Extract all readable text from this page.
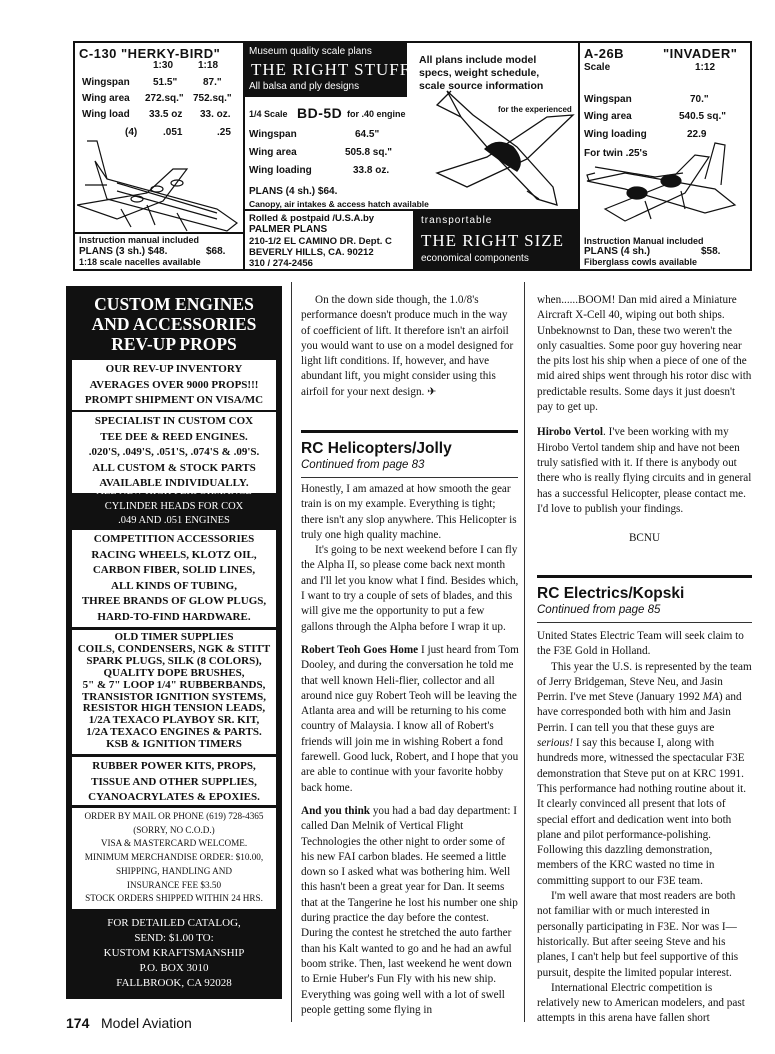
C-130 "HERKY-BIRD"
1:30 1:18
Wingspan 51.5"	87."
Wing area 272.sq." 752.sq."
Wing load 33.5 oz 33. oz.
(4)	.051	.25
Instruction manual included
PLANS (3 sh.) $48.	$68.
1:18 scale nacelles available
Museum quality scale plans
THE RIGHT STUFF
All balsa and ply designs
All plans include model
specs, weight schedule,
scale source information
1/4 Scale BD-5D for .40 engine	for the experienced
Wingspan	64.5"
Wing area	505.8 sq."
Wing loading	33.8 oz.
PLANS (4 sh.) $64.
Canopy, air intakes & access hatch available
Rolled & postpaid /U.S.A.by
PALMER PLANS
210-1/2 EL CAMINO DR. Dept. C
BEVERLY HILLS, CA. 90212
310 / 274-2456
transportable
THE RIGHT SIZE
economical components
A-26B	"INVADER"
Scale	1:12
Wingspan	70."
Wing area	540.5 sq."
Wing loading	22.9
For twin .25's
Instruction Manual included
PLANS (4 sh.)	$58.
Fiberglass cowls available
CUSTOM ENGINES
AND ACCESSORIES
REV-UP PROPS
OUR REV-UP INVENTORY
AVERAGES OVER 9000 PROPS!!!
PROMPT SHIPMENT ON VISA/MC
SPECIALIST IN CUSTOM COX
TEE DEE & REED ENGINES.
.020'S, .049'S, .051'S, .074'S & .09'S.
ALL CUSTOM & STOCK PARTS
AVAILABLE INDIVIDUALLY.
ALL NEW HIGH PERFORMANCE
CYLINDER HEADS FOR COX
.049 AND .051 ENGINES
COMPETITION ACCESSORIES
RACING WHEELS, KLOTZ OIL,
CARBON FIBER, SOLID LINES,
ALL KINDS OF TUBING,
THREE BRANDS OF GLOW PLUGS,
HARD-TO-FIND HARDWARE.
OLD TIMER SUPPLIES
COILS, CONDENSERS, NGK & STITT
SPARK PLUGS, SILK (8 COLORS),
QUALITY DOPE BRUSHES,
5" & 7" LOOP 1/4" RUBBERBANDS,
TRANSISTOR IGNITION SYSTEMS,
RESISTOR HIGH TENSION LEADS,
1/2A TEXACO PLAYBOY SR. KIT,
1/2A TEXACO ENGINES & PARTS.
KSB & IGNITION TIMERS
RUBBER POWER KITS, PROPS,
TISSUE AND OTHER SUPPLIES,
CYANOACRYLATES & EPOXIES.
ORDER BY MAIL OR PHONE (619) 728-4365
(SORRY, NO C.O.D.)
VISA & MASTERCARD WELCOME.
MINIMUM MERCHANDISE ORDER: $10.00,
SHIPPING, HANDLING AND
INSURANCE FEE $3.50
STOCK ORDERS SHIPPED WITHIN 24 HRS.
FOR DETAILED CATALOG,
SEND: $1.00 TO:
KUSTOM KRAFTSMANSHIP
P.O. BOX 3010
FALLBROOK, CA 92028

On the down side though, the 1.0/8's performance doesn't produce much in the way of coefficient of lift. It therefore isn't an airfoil you would want to use on a model designed for light lift conditions. If, however, and have abundant lift, you might consider using this airfoil for your next design. ✈

RC Helicopters/Jolly
Continued from page 83

Honestly, I am amazed at how smooth the gear train is on my example. Everything is tight; there isn't any slop anywhere. This Helicopter is truly one high quality machine.

It's going to be next weekend before I can fly the Alpha II, so please come back next month and I'll let you know what I find. Besides which, I want to try a couple of sets of blades, and this will give me the opportunity to put a few gallons through the Alpha before I wrap it up.

Robert Teoh Goes Home I just heard from Tom Dooley, and during the conversation he told me that well known Heli-flier, collector and all around nice guy Robert Teoh will be leaving the Atlanta area and will be returning to his come country of Malaysia. I know all of Robert's friends will join me in wishing Robert a fond farewell. Good luck, Robert, and I hope that you are able to continue with your favorite hobby back home.

And you think you had a bad day department: I called Dan Melnik of Vertical Flight Technologies the other night to order some of his new FAI carbon blades. He seemed a little down so I asked what was bothering him. Well this hasn't been a great year for Dan. It seems that at the Tangerine he lost his number one ship during practice the day before the contest. During the contest he stretched the auto farther than his Kalt wanted to go and he had an awful boom strike. Then, last weekend he went down to Ernie Huber's Fun Fly with his new ship. Everything was going well with a lot of swell people getting some flying in

when......BOOM! Dan mid aired a Miniature Aircraft X-Cell 40, wiping out both ships. Unbeknownst to Dan, these two weren't the only casualties. Some poor guy hovering near the pits lost his ship when a piece of one of the mid aired ships went through his rotor disc with predictable results. Some days it just doesn't pay to get up.

Hirobo Vertol. I've been working with my Hirobo Vertol tandem ship and have not been truly satisfied with it. If there is anybody out there who is really flying circuits and in general has a successful Helicopter, please contact me. I'd love to publish your findings.

BCNU

RC Electrics/Kopski
Continued from page 85

United States Electric Team will seek claim to the F3E Gold in Holland.

This year the U.S. is represented by the team of Jerry Bridgeman, Steve Neu, and Jasin Perrin. I've met Steve (January 1992 MA) and have corresponded both with him and Jasin Perrin. I can tell you that these guys are serious! I say this because I, along with hundreds more, witnessed the spectacular F3E demonstration that Steve put on at KRC 1991. This performance had nothing routine about it. It clearly convinced all present that lots of special effort and dedication went into both plane and pilot performance-polishing. Following this dazzling demonstration, members of the KRC wasted no time in committing support to our F3E team.

I'm well aware that most readers are both not familiar with or much interested in personally participating in F3E. Nor was I—historically. But after seeing Steve and his planes, I can't help but feel supportive of this pursuit, despite the limited popular interest.

International Electric competition is relatively new to American modelers, and past attempts in this arena have fallen short

174 Model Aviation
